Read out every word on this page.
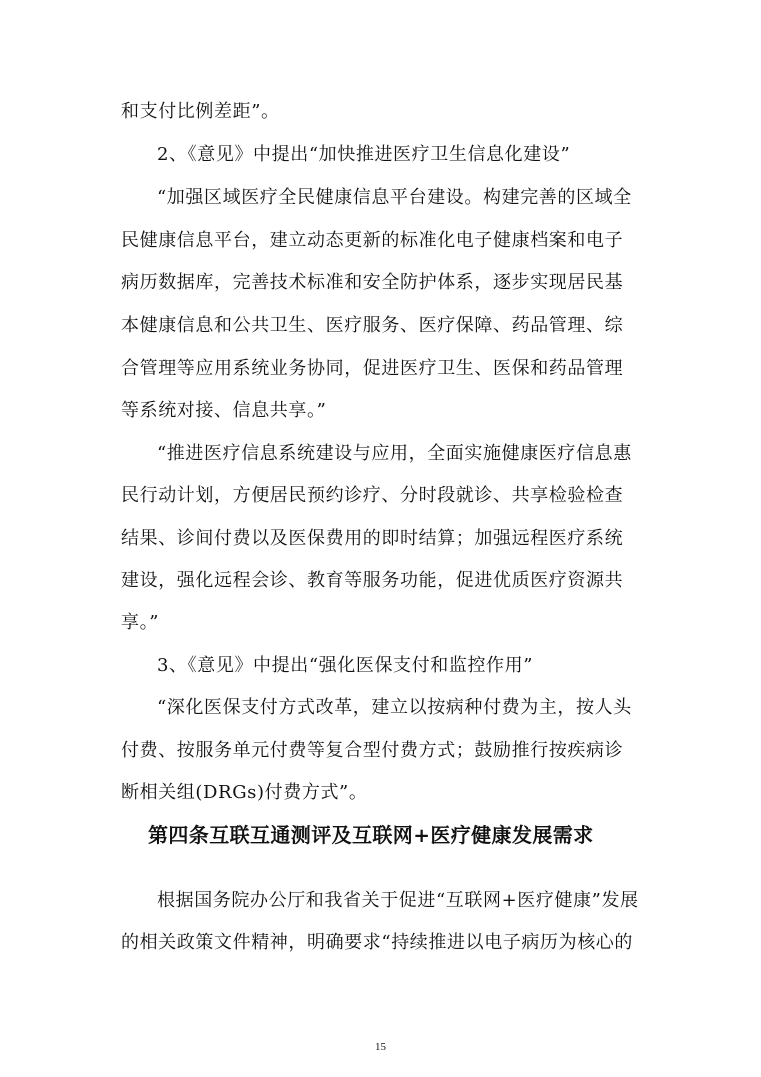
和支付比例差距”。
2、《意见》中提出“加快推进医疗卫生信息化建设”
“加强区域医疗全民健康信息平台建设。构建完善的区域全
民健康信息平台，建立动态更新的标准化电子健康档案和电子
病历数据库，完善技术标准和安全防护体系，逐步实现居民基
本健康信息和公共卫生、医疗服务、医疗保障、药品管理、综
合管理等应用系统业务协同，促进医疗卫生、医保和药品管理
等系统对接、信息共享。”
“推进医疗信息系统建设与应用，全面实施健康医疗信息惠
民行动计划，方便居民预约诊疗、分时段就诊、共享检验检查
结果、诊间付费以及医保费用的即时结算；加强远程医疗系统
建设，强化远程会诊、教育等服务功能，促进优质医疗资源共
享。”
3、《意见》中提出“强化医保支付和监控作用”
“深化医保支付方式改革，建立以按病种付费为主，按人头
付费、按服务单元付费等复合型付费方式；鼓励推行按疾病诊
断相关组(DRGs)付费方式”。
第四条互联互通测评及互联网+医疗健康发展需求
根据国务院办公厅和我省关于促进“互联网+医疗健康”发展
的相关政策文件精神，明确要求“持续推进以电子病历为核心的
15
